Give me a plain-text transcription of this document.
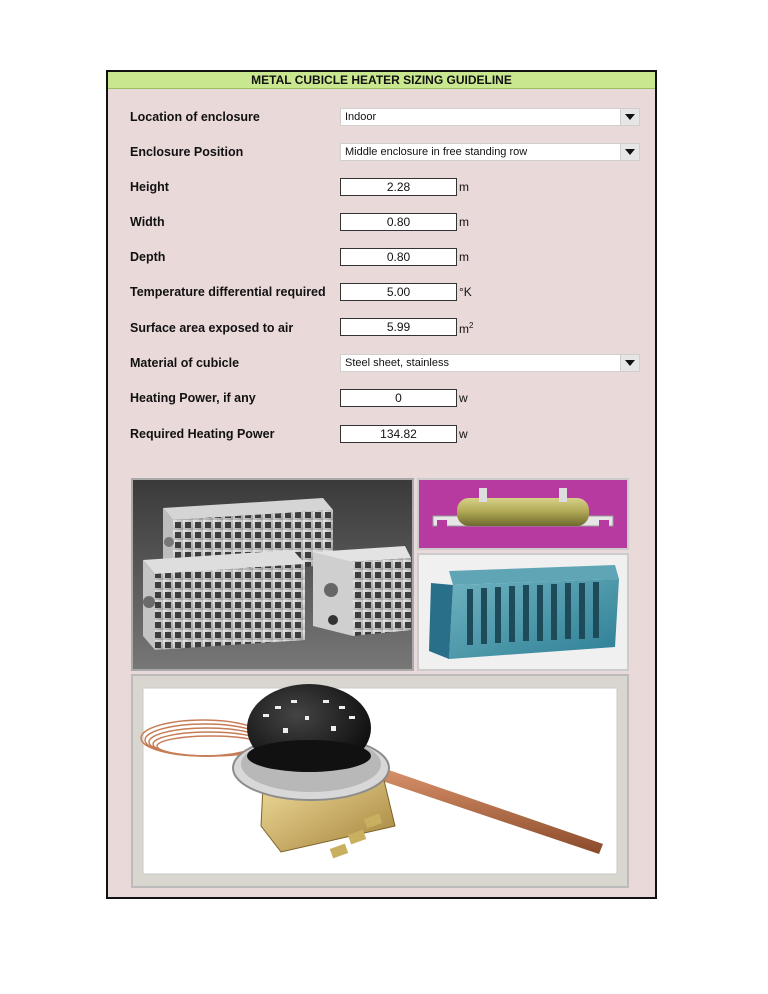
METAL CUBICLE HEATER SIZING GUIDELINE
Location of enclosure	Indoor
Enclosure Position	Middle enclosure in free standing row
Height	2.28	m
Width	0.80	m
Depth	0.80	m
Temperature differential required	5.00	°K
Surface area exposed to air	5.99	$m^2$
Material of cubicle	Steel sheet, stainless
Heating Power, if any	0	w
Required Heating Power	134.82	w
